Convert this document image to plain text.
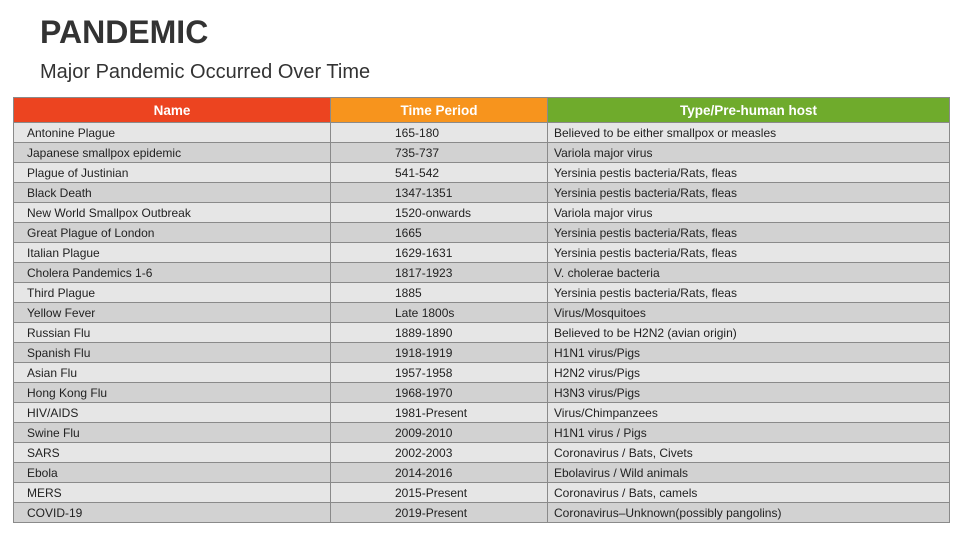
PANDEMIC
Major Pandemic Occurred Over Time
Name	Time Period	Type/Pre-human host
Antonine Plague	165-180	Believed to be either smallpox or measles
Japanese smallpox epidemic	735-737	Variola major virus
Plague of Justinian	541-542	Yersinia pestis bacteria/Rats, fleas
Black Death	1347-1351	Yersinia pestis bacteria/Rats, fleas
New World Smallpox Outbreak	1520-onwards	Variola major virus
Great Plague of London	1665	Yersinia pestis bacteria/Rats, fleas
Italian Plague	1629-1631	Yersinia pestis bacteria/Rats, fleas
Cholera Pandemics 1-6	1817-1923	V. cholerae bacteria
Third Plague	1885	Yersinia pestis bacteria/Rats, fleas
Yellow Fever	Late 1800s	Virus/Mosquitoes
Russian Flu	1889-1890	Believed to be H2N2 (avian origin)
Spanish Flu	1918-1919	H1N1 virus/Pigs
Asian Flu	1957-1958	H2N2 virus/Pigs
Hong Kong Flu	1968-1970	H3N3 virus/Pigs
HIV/AIDS	1981-Present	Virus/Chimpanzees
Swine Flu	2009-2010	H1N1 virus / Pigs
SARS	2002-2003	Coronavirus / Bats, Civets
Ebola	2014-2016	Ebolavirus / Wild animals
MERS	2015-Present	Coronavirus / Bats, camels
COVID-19	2019-Present	Coronavirus–Unknown(possibly pangolins)
